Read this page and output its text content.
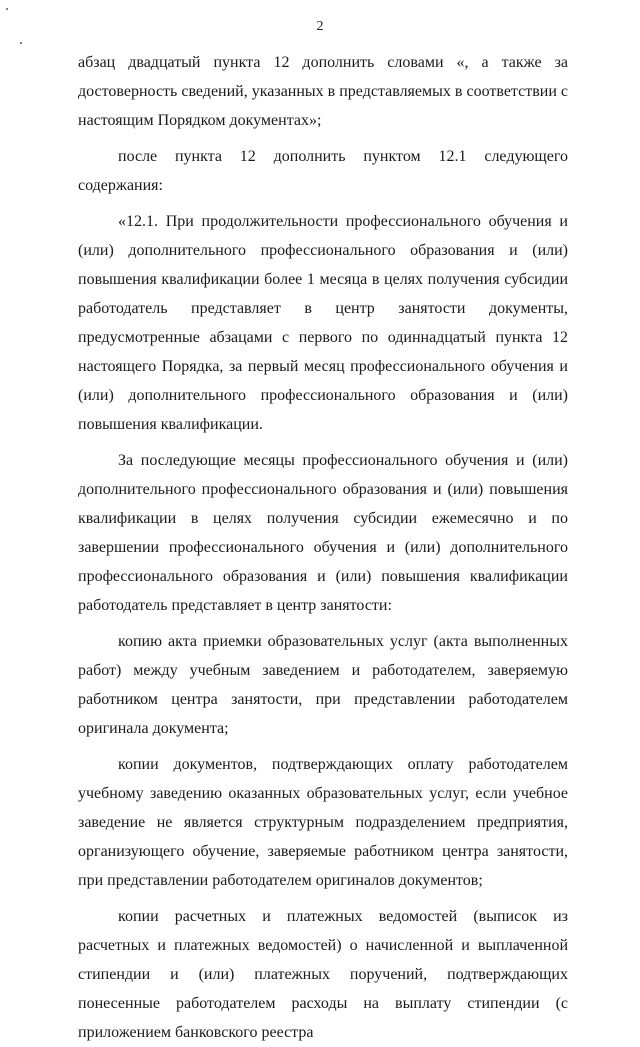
2

абзац двадцатый пункта 12 дополнить словами «, а также за достоверность сведений, указанных в представляемых в соответствии с настоящим Порядком документах»;

после пункта 12 дополнить пунктом 12.1 следующего содержания:

«12.1. При продолжительности профессионального обучения и (или) дополнительного профессионального образования и (или) повышения квалификации более 1 месяца в целях получения субсидии работодатель представляет в центр занятости документы, предусмотренные абзацами с первого по одиннадцатый пункта 12 настоящего Порядка, за первый месяц профессионального обучения и (или) дополнительного профессионального образования и (или) повышения квалификации.

За последующие месяцы профессионального обучения и (или) дополнительного профессионального образования и (или) повышения квалификации в целях получения субсидии ежемесячно и по завершении профессионального обучения и (или) дополнительного профессионального образования и (или) повышения квалификации работодатель представляет в центр занятости:

копию акта приемки образовательных услуг (акта выполненных работ) между учебным заведением и работодателем, заверяемую работником центра занятости, при представлении работодателем оригинала документа;

копии документов, подтверждающих оплату работодателем учебному заведению оказанных образовательных услуг, если учебное заведение не является структурным подразделением предприятия, организующего обучение, заверяемые работником центра занятости, при представлении работодателем оригиналов документов;

копии расчетных и платежных ведомостей (выписок из расчетных и платежных ведомостей) о начисленной и выплаченной стипендии и (или) платежных поручений, подтверждающих понесенные работодателем расходы на выплату стипендии (с приложением банковского реестра
